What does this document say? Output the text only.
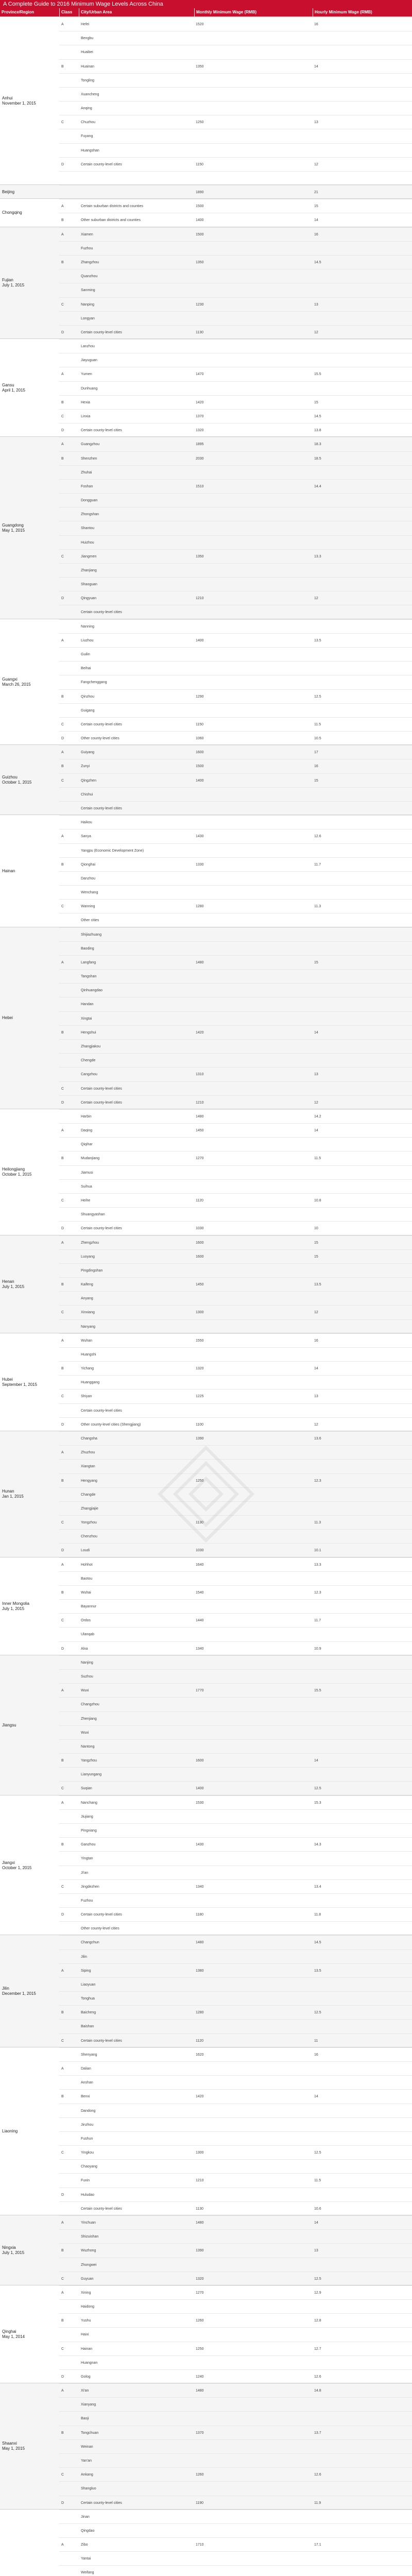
A Complete Guide to 2016 Minimum Wage Levels Across China
Province/Region	Class	City/Urban Area	Monthly Minimum Wage (RMB)	Hourly Minimum Wage (RMB)
Anhui
November 1, 2015
A	Hefei	1520	16
Bengbu
Huaibei
B	Huainan	1350	14
Tongling
Xuancheng
Anqing
C	Chuzhou	1250	13
Fuyang
Huangshan
D	Certain county-level cities	1150	12
Beijing	1890	21
Chongqing
A	Certain suburban districts and counties	1500	15
B	Other suburban districts and counties	1400	14
Fujian
July 1, 2015
A	Xiamen	1500	16
Fuzhou
B	Zhangzhou	1350	14.5
Quanzhou
Sanming
C	Nanping	1230	13
Longyan
D	Certain county-level cities	1130	12
Gansu
April 1, 2015
Lanzhou
Jiayuguan
A	Yumen	1470	15.5
Dunhuang
B	Hexia	1420	15
C	Linxia	1370	14.5
D	Certain county-level cities	1320	13.8
Guangdong
May 1, 2015
A	Guangzhou	1895	18.3
B	Shenzhen	2030	18.5
Zhuhai
Foshan	1510	14.4
Dongguan
Zhongshan
Shantou
Huizhou
C	Jiangmen	1350	13.3
Zhanjiang
Shaoguan
D	Qingyuan	1210	12
Certain county-level cities
Guangxi
March 26, 2015
Nanning
A	Liuzhou	1400	13.5
Guilin
Beihai
Fangchenggang
B	Qinzhou	1290	12.5
Guigang
C	Certain county-level cities	1150	11.5
D	Other county-level cities	1060	10.5
Guizhou
October 1, 2015
A	Guiyang	1600	17
B	Zunyi	1500	16
C	Qingzhen	1400	15
Chishui
Certain county-level cities
Hainan
Haikou
A	Sanya	1430	12.6
Yangpu (Economic Development Zone)
B	Qionghai	1330	11.7
Danzhou
Wenchang
C	Wanning	1280	11.3
Other cities
Hebei
Shijiazhuang
Baoding
A	Langfang	1480	15
Tangshan
Qinhuangdao
Handan
Xingtai
B	Hengshui	1420	14
Zhangjiakou
Chengde
Cangzhou	1310	13
C	Certain county-level cities
D	Certain county-level cities	1210	12
Heilongjiang
October 1, 2015
Harbin	1480	14.2
A	Daqing	1450	14
Qiqihar
B	Mudanjiang	1270	11.5
Jiamusi
Suihua
C	Heihe	1120	10.8
Shuangyashan
D	Certain county-level cities	1030	10
Henan
July 1, 2015
A	Zhengzhou	1600	15
Luoyang	1600	15
Pingdingshan
B	Kaifeng	1450	13.5
Anyang
C	Xinxiang	1300	12
Nanyang
Hubei
September 1, 2015
A	Wuhan	1550	16
Huangshi
B	Yichang	1320	14
Huanggang
C	Shiyan	1225	13
Certain county-level cities
D	Other county-level cities (Shengjiang)	1100	12
Hunan
Jan 1, 2015
Changsha	1390	13.6
A	Zhuzhou
Xiangtan
B	Hengyang	1250	12.3
Changde
Zhangjiajie
C	Yongzhou	1130	11.3
Chenzhou
D	Loudi	1030	10.1
Inner Mongolia
July 1, 2015
A	Hohhot	1640	13.3
Baotou
B	Wuhai	1540	12.3
Bayannur
C	Ordos	1440	11.7
Ulanqab
D	Alxa	1340	10.9
Jiangsu
Nanjing
Suzhou
A	Wuxi	1770	15.5
Changzhou
Zhenjiang
Wuxi
Nantong
B	Yangzhou	1600	14
Lianyungang
C	Suqian	1400	12.5
Jiangxi
October 1, 2015
A	Nanchang	1530	15.3
Jiujiang
Pingxiang
B	Ganzhou	1430	14.3
Yingtan
Ji'an
C	Jingdezhen	1340	13.4
Fuzhou
D	Certain county-level cities	1180	11.8
Other county-level cities
Jilin
December 1, 2015
Changchun	1480	14.5
Jilin
A	Siping	1380	13.5
Liaoyuan
Tonghua
B	Baicheng	1280	12.5
Baishan
C	Certain county-level cities	1120	11
Liaoning
Shenyang	1620	16
A	Dalian
Anshan
B	Benxi	1420	14
Dandong
Jinzhou
Fushun
C	Yingkou	1300	12.5
Chaoyang
Fuxin	1210	11.5
D	Huludao
Certain county-level cities	1130	10.6
Ningxia
July 1, 2015
A	Yinchuan	1480	14
Shizuishan
B	Wuzhong	1390	13
Zhongwei
C	Guyuan	1320	12.5
Qinghai
May 1, 2014
A	Xining	1270	12.9
Haidong
B	Yushu	1260	12.8
Haixi
C	Hainan	1250	12.7
Huangnan
D	Golog	1240	12.6
Shaanxi
May 1, 2015
A	Xi'an	1480	14.8
Xianyang
Baoji
B	Tongchuan	1370	13.7
Weinan
Yan'an
C	Ankang	1260	12.6
Shangluo
D	Certain county-level cities	1190	11.9
Jinan
Qingdao
A	Zibo	1710	17.1
Yantai
Weifang
